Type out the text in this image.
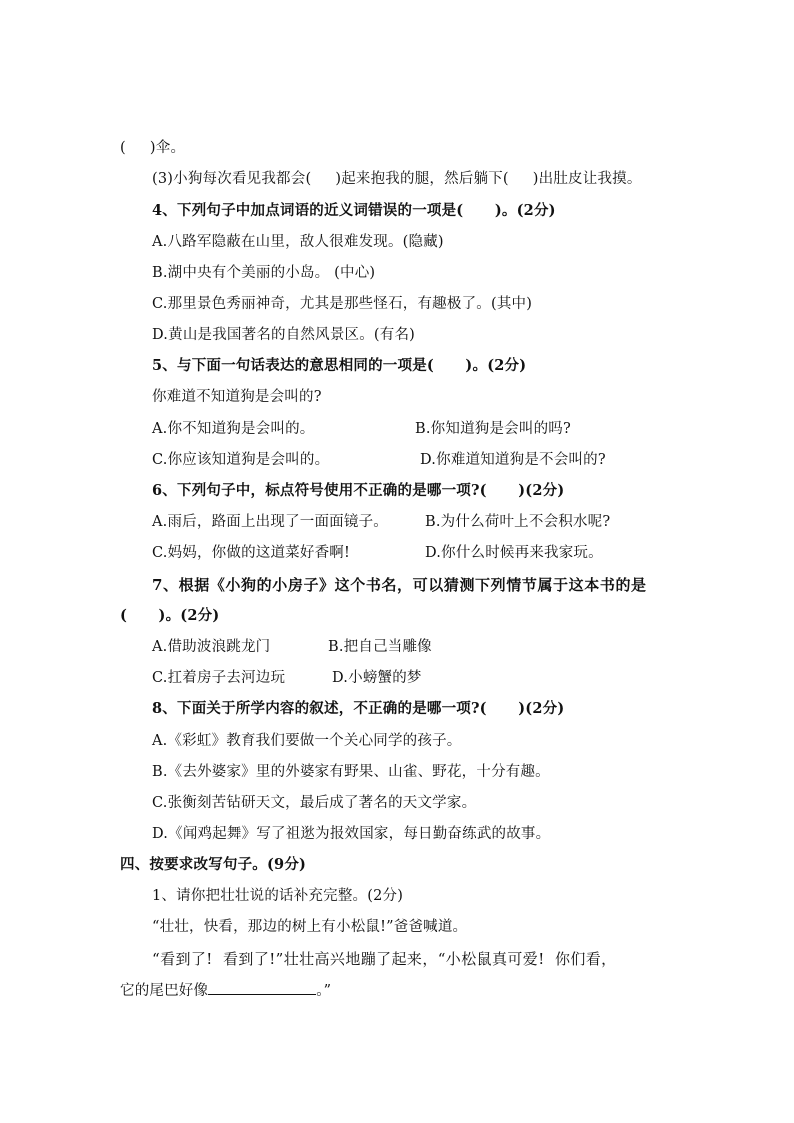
(     )伞。
(3)小狗每次看见我都会(     )起来抱我的腿，然后躺下(     )出肚皮让我摸。
4、下列句子中加点词语的近义词错误的一项是(      )。(2分)
A.八路军隐蔽在山里，敌人很难发现。(隐藏)
B.湖中央有个美丽的小岛。 (中心)
C.那里景色秀丽神奇，尤其是那些怪石，有趣极了。(其中)
D.黄山是我国著名的自然风景区。(有名)
5、与下面一句话表达的意思相同的一项是(      )。(2分)
你难道不知道狗是会叫的?
A.你不知道狗是会叫的。	B.你知道狗是会叫的吗?
C.你应该知道狗是会叫的。	D.你难道知道狗是不会叫的?
6、下列句子中，标点符号使用不正确的是哪一项?(      )(2分)
A.雨后，路面上出现了一面面镜子。	B.为什么荷叶上不会积水呢?
C.妈妈，你做的这道菜好香啊!	D.你什么时候再来我家玩。
7、根据《小狗的小房子》这个书名，可以猜测下列情节属于这本书的是
(      )。(2分)
A.借助波浪跳龙门	B.把自己当雕像
C.扛着房子去河边玩	D.小螃蟹的梦
8、下面关于所学内容的叙述，不正确的是哪一项?(      )(2分)
A.《彩虹》教育我们要做一个关心同学的孩子。
B.《去外婆家》里的外婆家有野果、山雀、野花，十分有趣。
C.张衡刻苦钻研天文，最后成了著名的天文学家。
D.《闻鸡起舞》写了祖逖为报效国家，每日勤奋练武的故事。
四、按要求改写句子。(9分)
1、请你把壮壮说的话补充完整。(2分)
“壮壮，快看，那边的树上有小松鼠!”爸爸喊道。
“看到了!  看到了!”壮壮高兴地蹦了起来，“小松鼠真可爱!  你们看，
它的尾巴好像	。”
